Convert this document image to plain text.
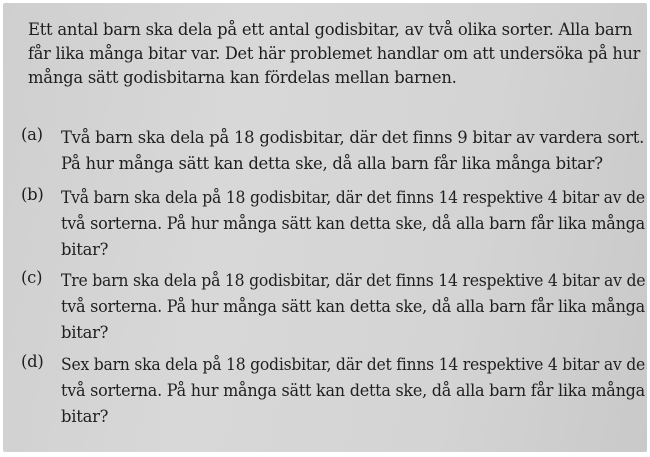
Ett antal barn ska dela på ett antal godisbitar, av två olika sorter. Alla barn
får lika många bitar var. Det här problemet handlar om att undersöka på hur
många sätt godisbitarna kan fördelas mellan barnen.

(a) Två barn ska dela på 18 godisbitar, där det finns 9 bitar av vardera sort.
På hur många sätt kan detta ske, då alla barn får lika många bitar?
(b) Två barn ska dela på 18 godisbitar, där det finns 14 respektive 4 bitar av de
två sorterna. På hur många sätt kan detta ske, då alla barn får lika många
bitar?
(c) Tre barn ska dela på 18 godisbitar, där det finns 14 respektive 4 bitar av de
två sorterna. På hur många sätt kan detta ske, då alla barn får lika många
bitar?
(d) Sex barn ska dela på 18 godisbitar, där det finns 14 respektive 4 bitar av de
två sorterna. På hur många sätt kan detta ske, då alla barn får lika många
bitar?
